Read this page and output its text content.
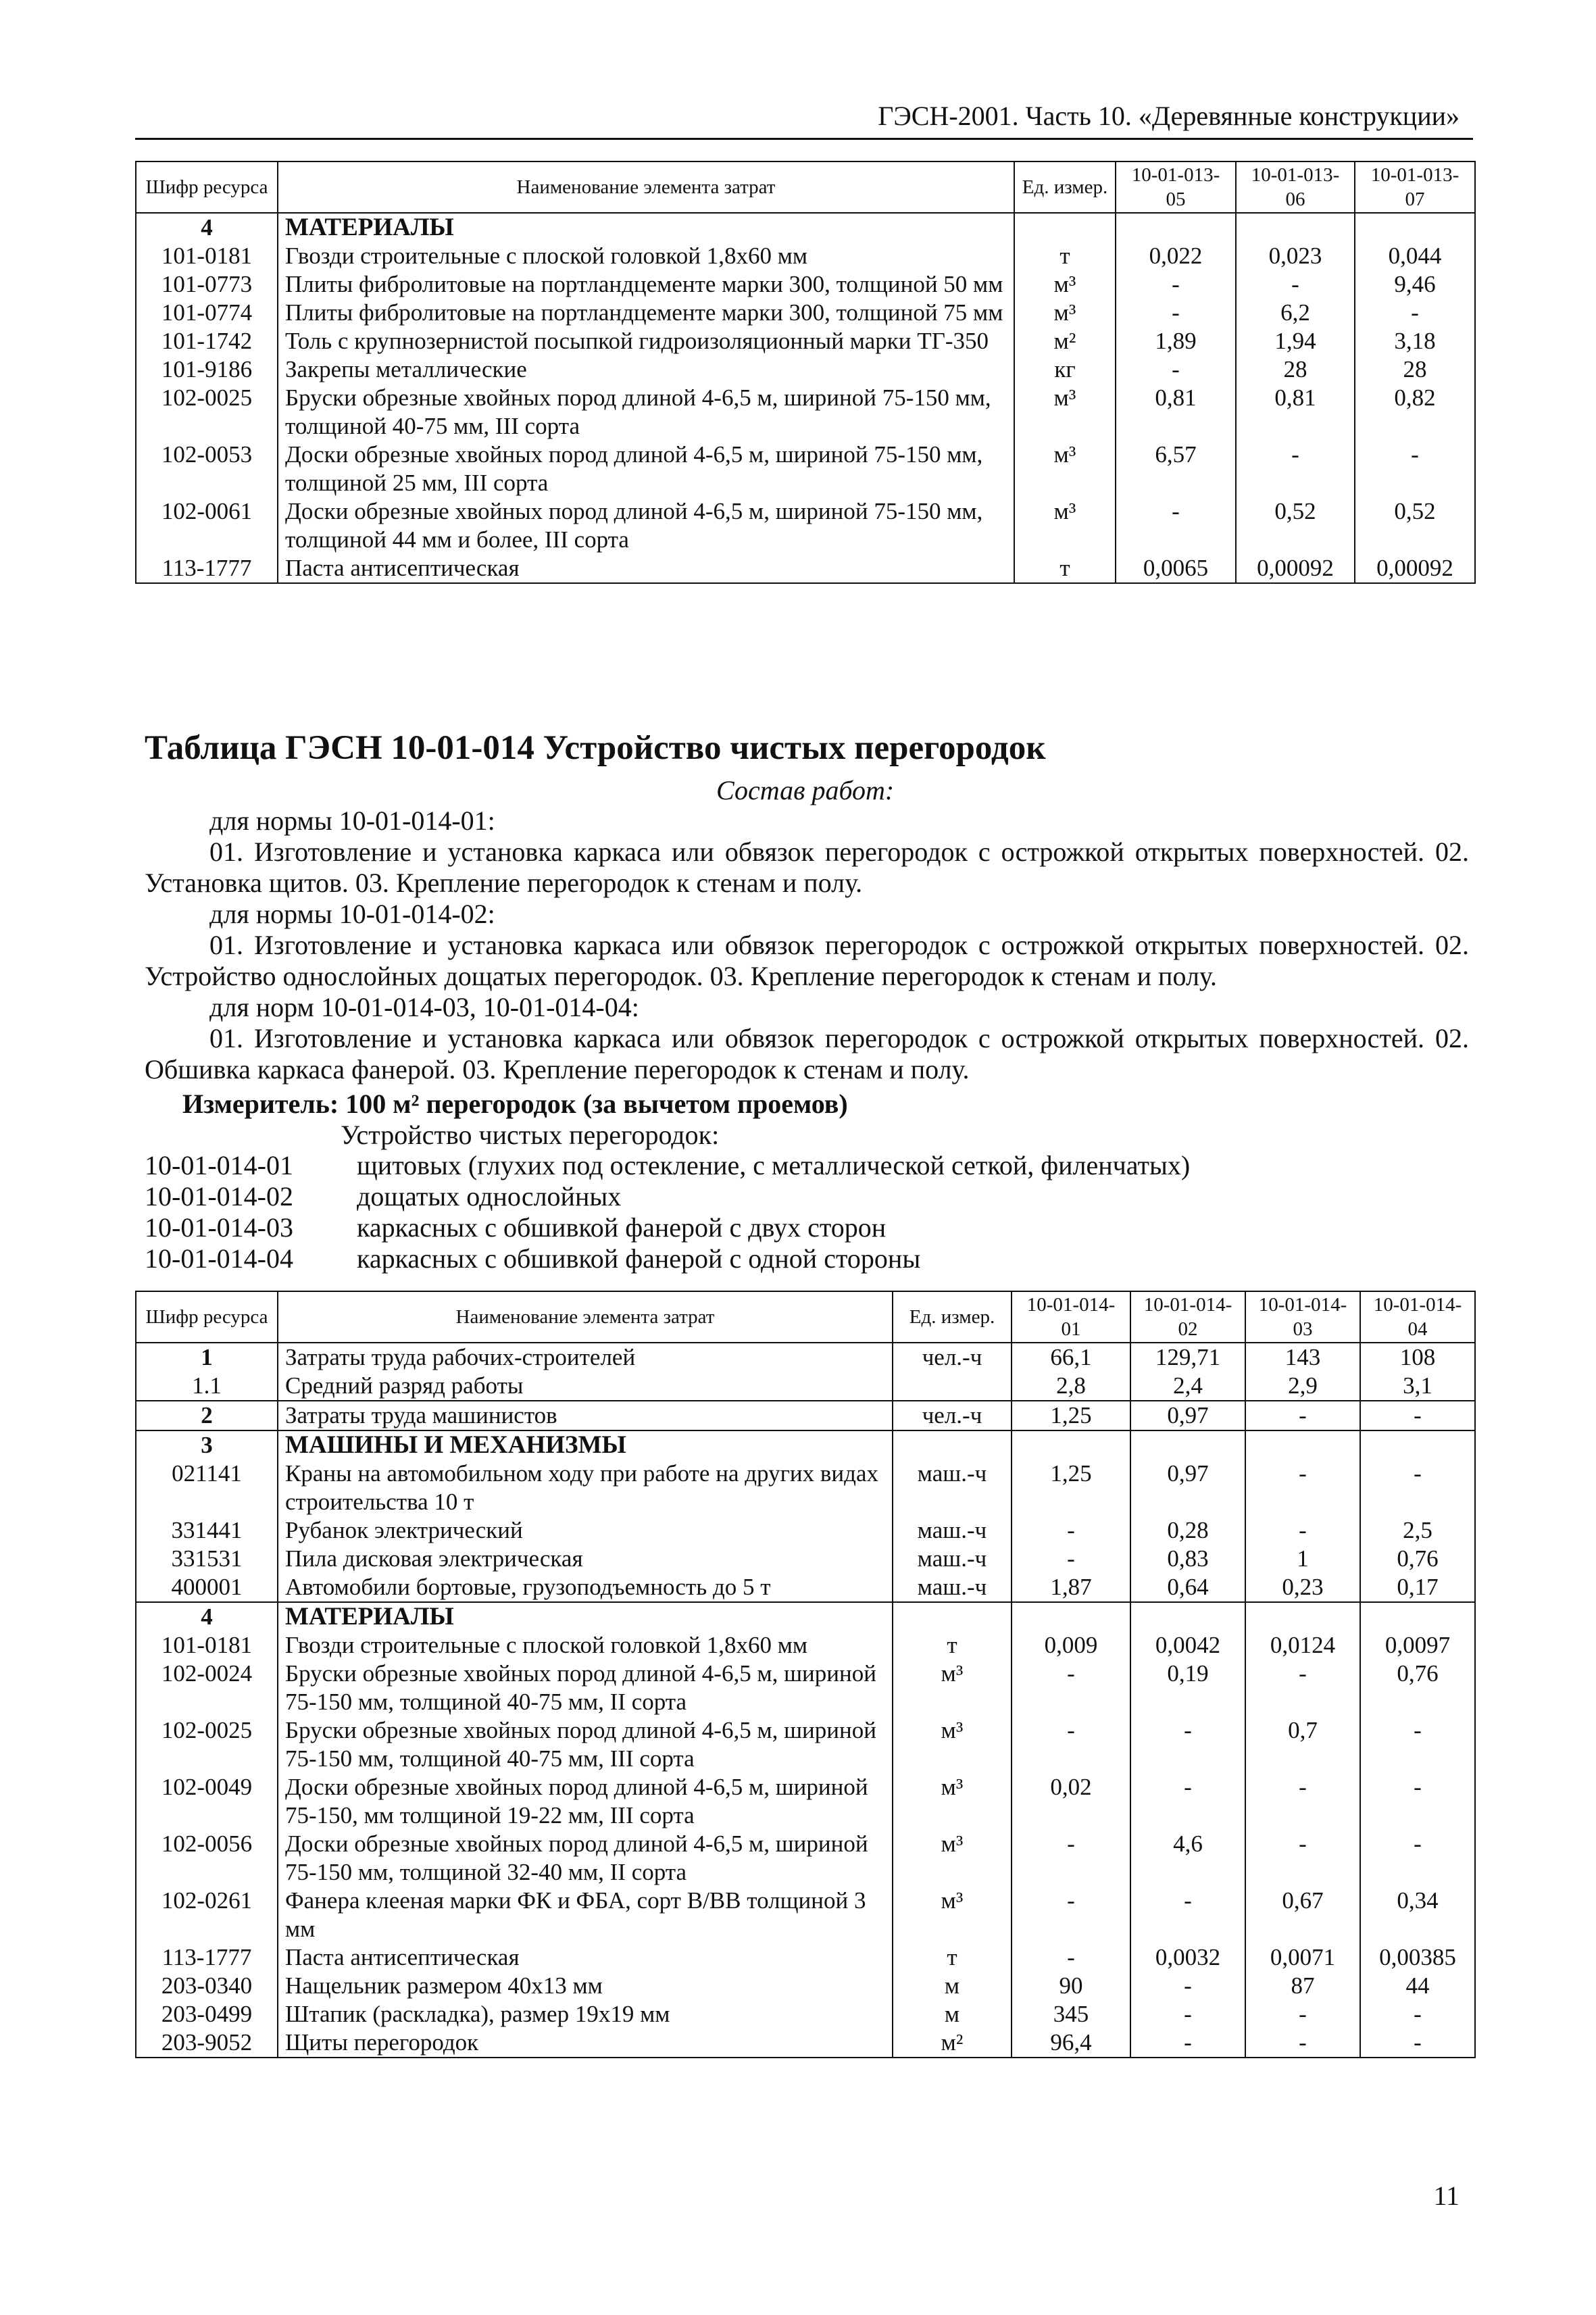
ГЭСН-2001. Часть 10. «Деревянные конструкции»
Шифр ресурса	Наименование элемента затрат	Ед. измер.	10-01-013-05	10-01-013-06	10-01-013-07
4	МАТЕРИАЛЫ				
101-0181	Гвозди строительные с плоской головкой 1,8х60 мм	т	0,022	0,023	0,044
101-0773	Плиты фибролитовые на портландцементе марки 300, толщиной 50 мм	м³	-	-	9,46
101-0774	Плиты фибролитовые на портландцементе марки 300, толщиной 75 мм	м³	-	6,2	-
101-1742	Толь с крупнозернистой посыпкой гидроизоляционный марки ТГ-350	м²	1,89	1,94	3,18
101-9186	Закрепы металлические	кг	-	28	28
102-0025	Бруски обрезные хвойных пород длиной 4-6,5 м, шириной 75-150 мм, толщиной 40-75 мм, III сорта	м³	0,81	0,81	0,82
102-0053	Доски обрезные хвойных пород длиной 4-6,5 м, шириной 75-150 мм, толщиной 25 мм, III сорта	м³	6,57	-	-
102-0061	Доски обрезные хвойных пород длиной 4-6,5 м, шириной 75-150 мм, толщиной 44 мм и более, III сорта	м³	-	0,52	0,52
113-1777	Паста антисептическая	т	0,0065	0,00092	0,00092
Таблица ГЭСН 10-01-014 Устройство чистых перегородок
Состав работ:
для нормы 10-01-014-01:
01. Изготовление и установка каркаса или обвязок перегородок с острожкой открытых поверхностей. 02. Установка щитов. 03. Крепление перегородок к стенам и полу.
для нормы 10-01-014-02:
01. Изготовление и установка каркаса или обвязок перегородок с острожкой открытых поверхностей. 02. Устройство однослойных дощатых перегородок. 03. Крепление перегородок к стенам и полу.
для норм 10-01-014-03, 10-01-014-04:
01. Изготовление и установка каркаса или обвязок перегородок с острожкой открытых поверхностей. 02. Обшивка каркаса фанерой. 03. Крепление перегородок к стенам и полу.
Измеритель: 100 м² перегородок (за вычетом проемов)
Устройство чистых перегородок:
10-01-014-01 щитовых (глухих под остекление, с металлической сеткой, филенчатых)
10-01-014-02 дощатых однослойных
10-01-014-03 каркасных с обшивкой фанерой с двух сторон
10-01-014-04 каркасных с обшивкой фанерой с одной стороны
Шифр ресурса	Наименование элемента затрат	Ед. измер.	10-01-014-01	10-01-014-02	10-01-014-03	10-01-014-04
1	Затраты труда рабочих-строителей	чел.-ч	66,1	129,71	143	108
1.1	Средний разряд работы		2,8	2,4	2,9	3,1
2	Затраты труда машинистов	чел.-ч	1,25	0,97	-	-
3	МАШИНЫ И МЕХАНИЗМЫ					
021141	Краны на автомобильном ходу при работе на других видах строительства 10 т	маш.-ч	1,25	0,97	-	-
331441	Рубанок электрический	маш.-ч	-	0,28	-	2,5
331531	Пила дисковая электрическая	маш.-ч	-	0,83	1	0,76
400001	Автомобили бортовые, грузоподъемность до 5 т	маш.-ч	1,87	0,64	0,23	0,17
4	МАТЕРИАЛЫ					
101-0181	Гвозди строительные с плоской головкой 1,8х60 мм	т	0,009	0,0042	0,0124	0,0097
102-0024	Бруски обрезные хвойных пород длиной 4-6,5 м, шириной 75-150 мм, толщиной 40-75 мм, II сорта	м³	-	0,19	-	0,76
102-0025	Бруски обрезные хвойных пород длиной 4-6,5 м, шириной 75-150 мм, толщиной 40-75 мм, III сорта	м³	-	-	0,7	-
102-0049	Доски обрезные хвойных пород длиной 4-6,5 м, шириной 75-150, мм толщиной 19-22 мм, III сорта	м³	0,02	-	-	-
102-0056	Доски обрезные хвойных пород длиной 4-6,5 м, шириной 75-150 мм, толщиной 32-40 мм, II сорта	м³	-	4,6	-	-
102-0261	Фанера клееная марки ФК и ФБА, сорт В/ВВ толщиной 3 мм	м³	-	-	0,67	0,34
113-1777	Паста антисептическая	т	-	0,0032	0,0071	0,00385
203-0340	Нащельник размером 40х13 мм	м	90	-	87	44
203-0499	Штапик (раскладка), размер 19х19 мм	м	345	-	-	-
203-9052	Щиты перегородок	м²	96,4	-	-	-
11
